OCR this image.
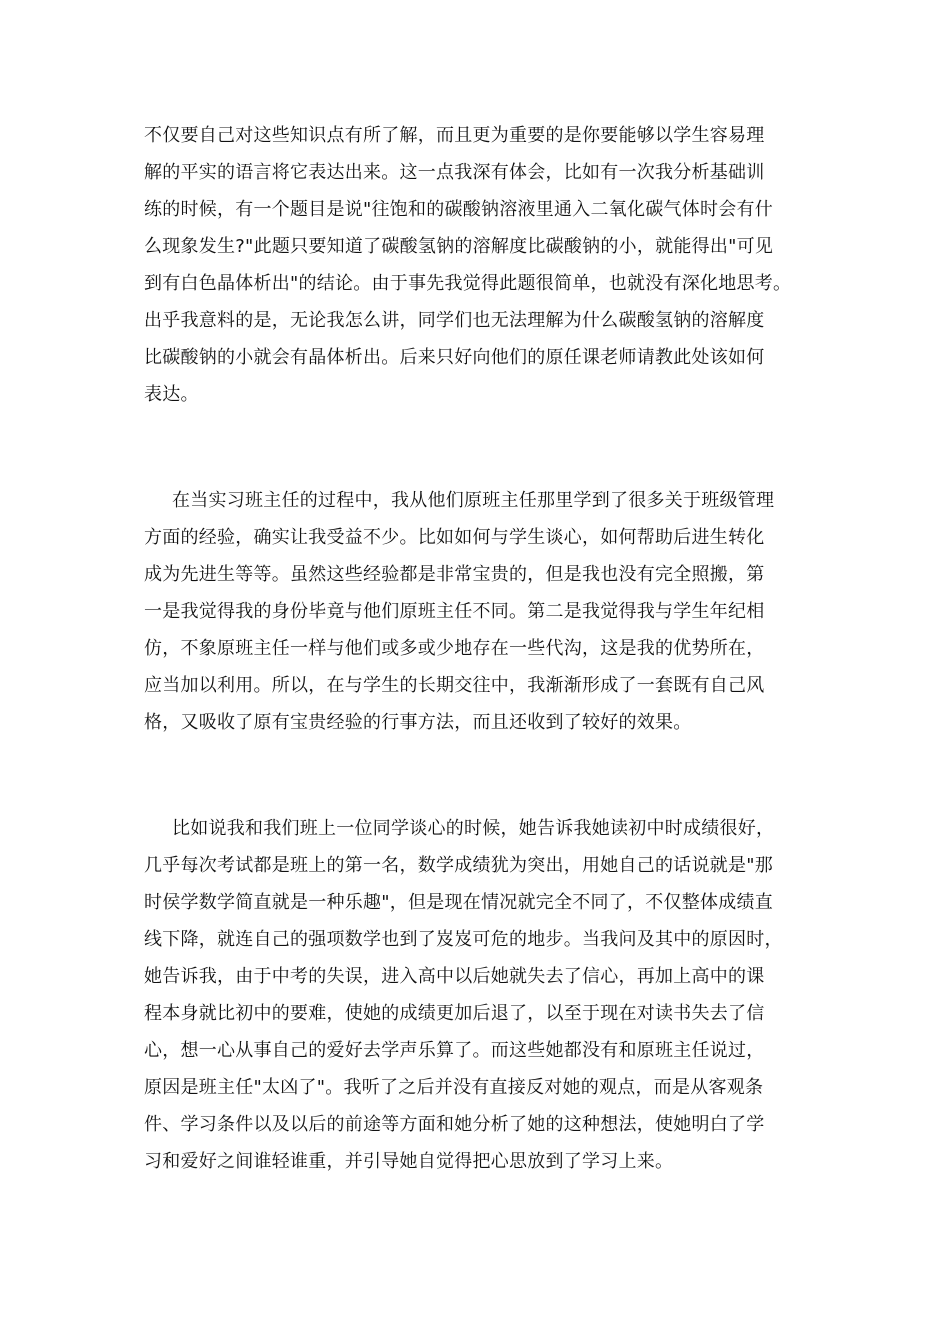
不仅要自己对这些知识点有所了解，而且更为重要的是你要能够以学生容易理
解的平实的语言将它表达出来。这一点我深有体会，比如有一次我分析基础训
练的时候，有一个题目是说"往饱和的碳酸钠溶液里通入二氧化碳气体时会有什
么现象发生?"此题只要知道了碳酸氢钠的溶解度比碳酸钠的小，就能得出"可见
到有白色晶体析出"的结论。由于事先我觉得此题很简单，也就没有深化地思考。
出乎我意料的是，无论我怎么讲，同学们也无法理解为什么碳酸氢钠的溶解度
比碳酸钠的小就会有晶体析出。后来只好向他们的原任课老师请教此处该如何
表达。
在当实习班主任的过程中，我从他们原班主任那里学到了很多关于班级管理
方面的经验，确实让我受益不少。比如如何与学生谈心，如何帮助后进生转化
成为先进生等等。虽然这些经验都是非常宝贵的，但是我也没有完全照搬，第
一是我觉得我的身份毕竟与他们原班主任不同。第二是我觉得我与学生年纪相
仿，不象原班主任一样与他们或多或少地存在一些代沟，这是我的优势所在，
应当加以利用。所以，在与学生的长期交往中，我渐渐形成了一套既有自己风
格，又吸收了原有宝贵经验的行事方法，而且还收到了较好的效果。
比如说我和我们班上一位同学谈心的时候，她告诉我她读初中时成绩很好，
几乎每次考试都是班上的第一名，数学成绩犹为突出，用她自己的话说就是"那
时侯学数学简直就是一种乐趣"，但是现在情况就完全不同了，不仅整体成绩直
线下降，就连自己的强项数学也到了岌岌可危的地步。当我问及其中的原因时，
她告诉我，由于中考的失误，进入高中以后她就失去了信心，再加上高中的课
程本身就比初中的要难，使她的成绩更加后退了，以至于现在对读书失去了信
心，想一心从事自己的爱好去学声乐算了。而这些她都没有和原班主任说过，
原因是班主任"太凶了"。我听了之后并没有直接反对她的观点，而是从客观条
件、学习条件以及以后的前途等方面和她分析了她的这种想法，使她明白了学
习和爱好之间谁轻谁重，并引导她自觉得把心思放到了学习上来。
